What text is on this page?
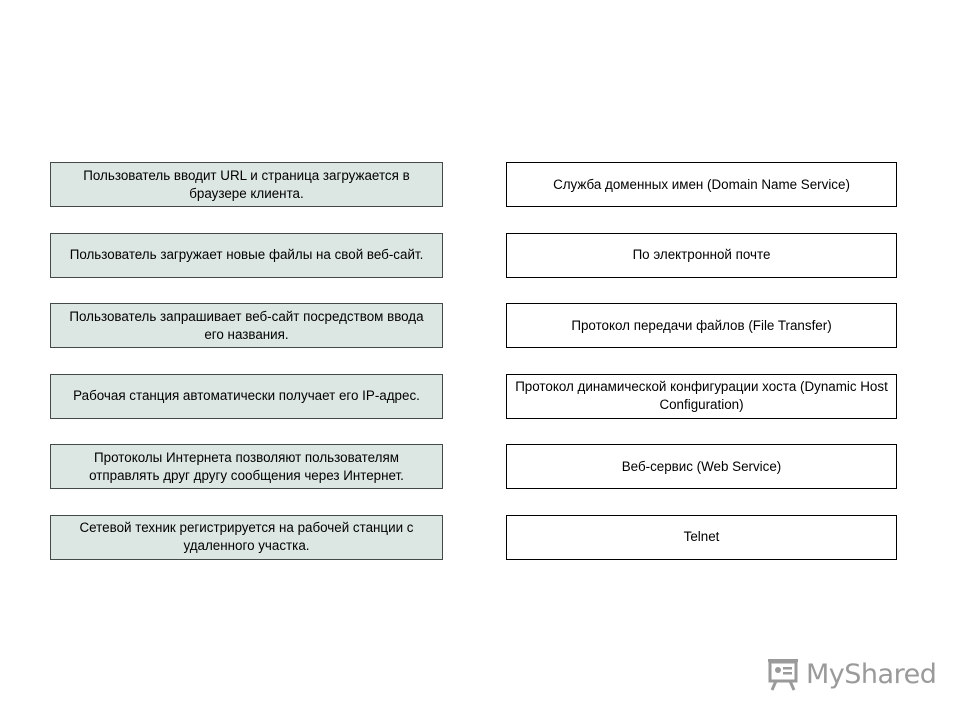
Пользователь вводит URL и страница загружается в браузере клиента.
Пользователь загружает новые файлы на свой веб-сайт.
Пользователь запрашивает веб-сайт посредством ввода его названия.
Рабочая станция автоматически получает его IP-адрес.
Протоколы Интернета позволяют пользователям отправлять друг другу сообщения через Интернет.
Сетевой техник регистрируется на рабочей станции с удаленного участка.
Служба доменных имен (Domain Name Service)
По электронной почте
Протокол передачи файлов (File Transfer)
Протокол динамической конфигурации хоста (Dynamic Host Configuration)
Веб-сервис (Web Service)
Telnet
MyShared
